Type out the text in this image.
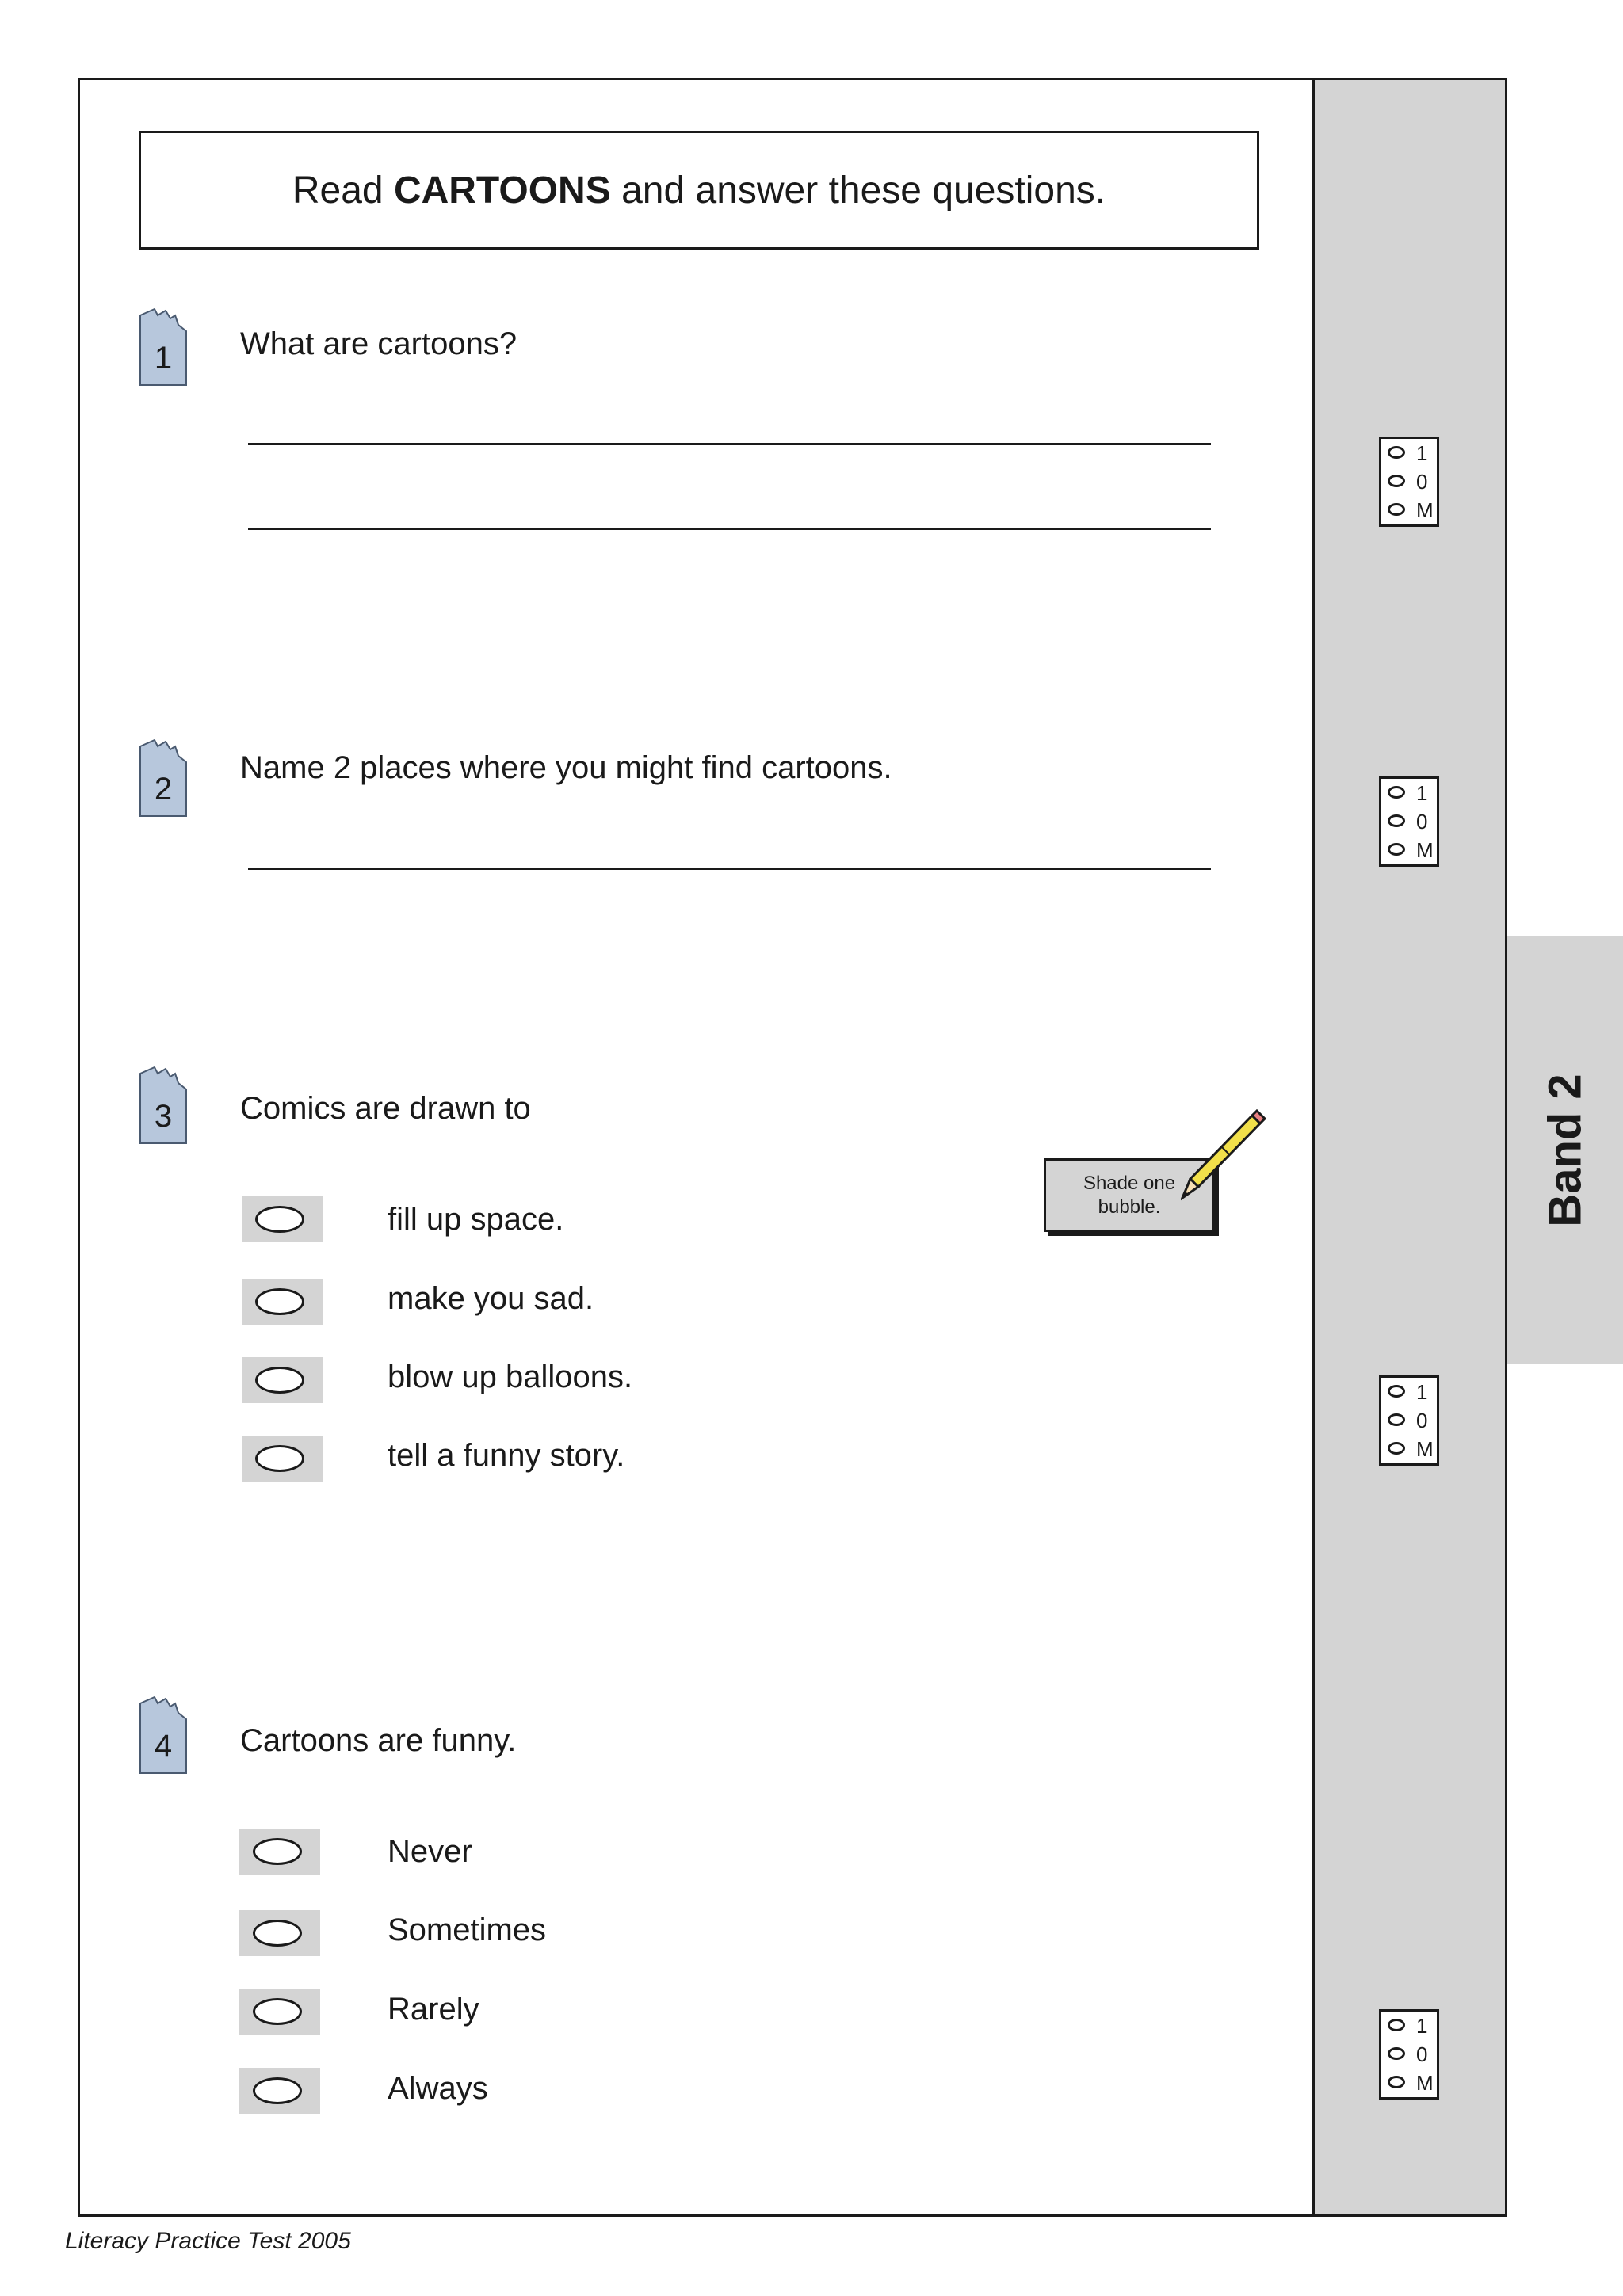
Band 2
Read CARTOONS and answer these questions.
1	What are cartoons?
2
Name 2 places where you might find cartoons.
3	Comics are drawn to
fill up space.
make you sad.
blow up balloons.
tell a funny story.
Shade one
bubble.
4	Cartoons are funny.
Never
Sometimes
Rarely
Always
1
0
M
1
0
M
1
0
M
1
0
M
Literacy Practice Test 2005
